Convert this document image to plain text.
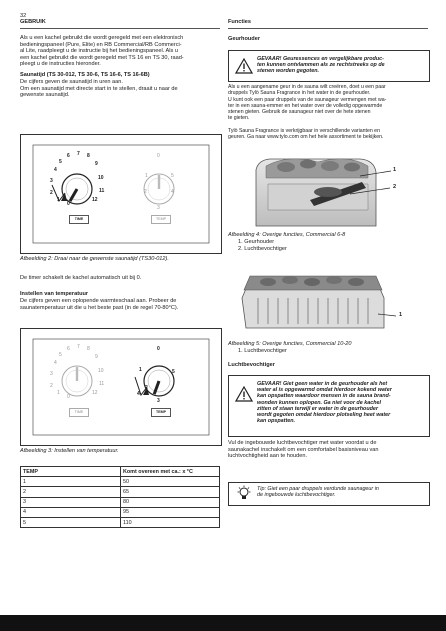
32
GEBRUIK	Functies
Als u een kachel gebruikt die wordt geregeld met een elektronisch
bedieningspaneel (Pure, Elite) en RB Commercial/RB Commerci-
al Lite, raadpleegt u de instructie bij het bedieningspaneel. Als u
een kachel gebruikt die wordt geregeld met TS 16 en TS 30, raad-
pleegt u de instructies hieronder.
Saunatijd (TS 30-012, TS 30-6, TS 16-6, TS 16-6B)
De cijfers geven de saunatijd in uren aan.
Om een saunatijd met directe start in te stellen, draait u naar de
gewenste saunatijd.
6 7 8
5	9
4
10
3
11
2
12
1
0
0
1
2
3
4
5
TIME	TEMP
Afbeelding 2: Draai naar de gewenste saunatijd (TS30-012).
De timer schakelt de kachel automatisch uit bij 0.
Instellen van temperatuur
De cijfers geven een oplopende warmteschaal aan. Probeer de
saunatemperatuur uit die u het beste past (in de regel 70-80°C).
6 7 8
5	9
4
10
3
11
2
12
1
0
0
1
2
3
4
5
TIME	TEMP
Afbeelding 3: Instellen van temperatuur.
TEMP	Komt overeen met ca.: x °C
1	50
2	65
3	80
4	95
5	110
Geurhouder
GEVAAR! Geuressences en vergelijkbare produc-
ten kunnen ontvlammen als ze rechtstreeks op de
stenen worden gegoten.
Als u een aangename geur in de sauna wilt creëren, doet u een paar
druppels Tylö Sauna Fragrance in het water in de geurhouder.
U kunt ook een paar druppels van de saunageur vermengen met wa-
ter in een sauna-emmer en het water over de volledig opgewarmde
stenen gieten. Gebruik de saunageur niet over de hete stenen
te gieten.
Tylö Sauna Fragrance is verkrijgbaar in verschillende varianten en
geuren. Ga naar www.tylo.com om het hele assortiment te bekijken.
1
2
Afbeelding 4: Overige functies, Commercial 6-8
1. Geurhouder
2. Luchtbevochtiger
1
Afbeelding 5: Overige functies, Commercial 10-20
1. Luchtbevochtiger
Luchtbevochtiger
GEVAAR! Giet geen water in de geurhouder als het
water al is opgewarmd omdat hierdoor kokend water
kan opspatten waardoor mensen in de sauna brand-
wonden kunnen oplopen. Ga niet voor de kachel
zitten of staan terwijl er water in de geurhouder
wordt gegoten omdat hierdoor plotseling heet water
kan opspatten.
Vul de ingebouwde luchtbevochtiger met water voordat u de
saunakachel inschakelt om een comfortabel basisniveau van
luchtvochtigheid aan te houden.
Tip: Giet een paar druppels verdunde saunageur in
de ingebouwde luchtbevochtiger.
